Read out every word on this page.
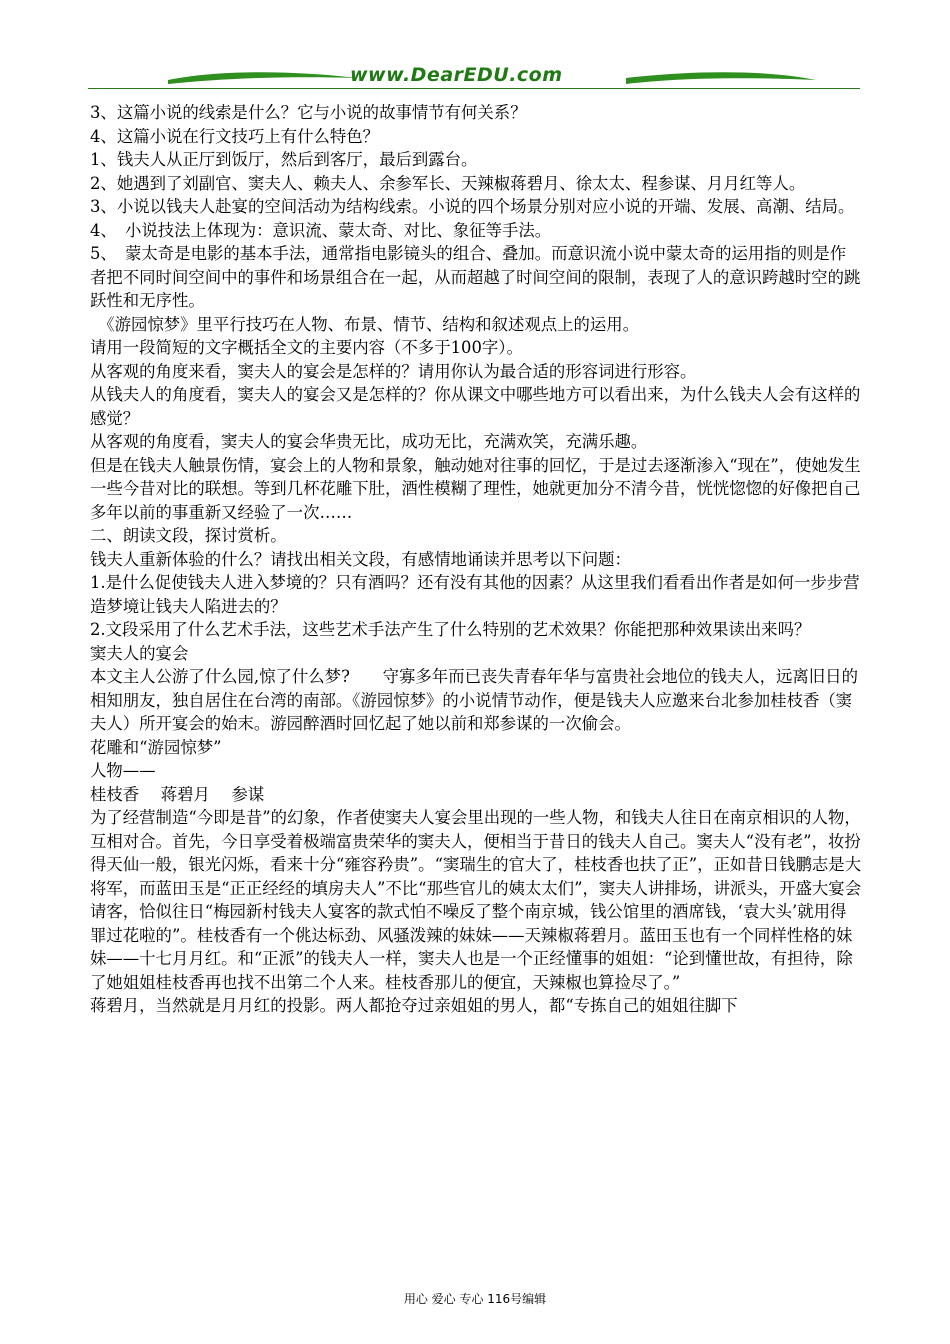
www.DearEDU.com

3、这篇小说的线索是什么？它与小说的故事情节有何关系？

4、这篇小说在行文技巧上有什么特色？

1、钱夫人从正厅到饭厅，然后到客厅，最后到露台。

2、她遇到了刘副官、窦夫人、赖夫人、余参军长、天辣椒蒋碧月、徐太太、程参谋、月月红等人。

3、小说以钱夫人赴宴的空间活动为结构线索。小说的四个场景分别对应小说的开端、发展、高潮、结局。

4、　小说技法上体现为：意识流、蒙太奇、对比、象征等手法。

5、　蒙太奇是电影的基本手法，通常指电影镜头的组合、叠加。而意识流小说中蒙太奇的运用指的则是作者把不同时间空间中的事件和场景组合在一起，从而超越了时间空间的限制，表现了人的意识跨越时空的跳跃性和无序性。

　《游园惊梦》里平行技巧在人物、布景、情节、结构和叙述观点上的运用。

请用一段简短的文字概括全文的主要内容（不多于100字）。

从客观的角度来看，窦夫人的宴会是怎样的？请用你认为最合适的形容词进行形容。

从钱夫人的角度看，窦夫人的宴会又是怎样的？你从课文中哪些地方可以看出来，为什么钱夫人会有这样的感觉？

从客观的角度看，窦夫人的宴会华贵无比，成功无比，充满欢笑，充满乐趣。

但是在钱夫人触景伤情，宴会上的人物和景象，触动她对往事的回忆，于是过去逐渐渗入“现在”，使她发生一些今昔对比的联想。等到几杯花雕下肚，酒性模糊了理性，她就更加分不清今昔，恍恍惚惚的好像把自己多年以前的事重新又经验了一次……

二、朗读文段，探讨赏析。

钱夫人重新体验的什么？请找出相关文段，有感情地诵读并思考以下问题：

1.是什么促使钱夫人进入梦境的？只有酒吗？还有没有其他的因素？从这里我们看看出作者是如何一步步营造梦境让钱夫人陷进去的？

2.文段采用了什么艺术手法，这些艺术手法产生了什么特别的艺术效果？你能把那种效果读出来吗？

窦夫人的宴会

本文主人公游了什么园,惊了什么梦?　　守寡多年而已丧失青春年华与富贵社会地位的钱夫人，远离旧日的相知朋友，独自居住在台湾的南部。《游园惊梦》的小说情节动作，便是钱夫人应邀来台北参加桂枝香（窦夫人）所开宴会的始末。游园醉酒时回忆起了她以前和郑参谋的一次偷会。

花雕和“游园惊梦”

人物——

桂枝香　 蒋碧月　 参谋

为了经营制造“今即是昔”的幻象，作者使窦夫人宴会里出现的一些人物，和钱夫人往日在南京相识的人物，互相对合。首先，今日享受着极端富贵荣华的窦夫人，便相当于昔日的钱夫人自己。窦夫人“没有老”，妆扮得天仙一般，银光闪烁，看来十分“雍容矜贵”。“窦瑞生的官大了，桂枝香也扶了正”，正如昔日钱鹏志是大将军，而蓝田玉是“正正经经的填房夫人”不比“那些官儿的姨太太们”，窦夫人讲排场，讲派头，开盛大宴会请客，恰似往日“梅园新村钱夫人宴客的款式怕不噪反了整个南京城，钱公馆里的酒席钱，‘袁大头’就用得罪过花啦的”。桂枝香有一个佻达标劲、风骚泼辣的妹妹——天辣椒蒋碧月。蓝田玉也有一个同样性格的妹妹——十七月月红。和“正派”的钱夫人一样，窦夫人也是一个正经懂事的姐姐：“论到懂世故，有担待，除了她姐姐桂枝香再也找不出第二个人来。桂枝香那儿的便宜，天辣椒也算捡尽了。”

蒋碧月，当然就是月月红的投影。两人都抢夺过亲姐姐的男人，都“专拣自己的姐姐往脚下

用心 爱心 专心 116号编辑
